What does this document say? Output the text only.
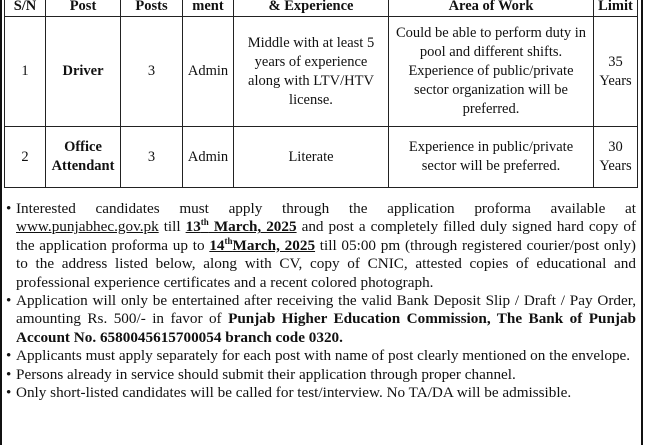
S/N	Post	Posts	ment	& Experience	Area of Work	Limit
1	Driver	3	Admin	Middle with at least 5 years of experience along with LTV/HTV license.	Could be able to perform duty in pool and different shifts. Experience of public/private sector organization will be preferred.	35 Years
2	Office Attendant	3	Admin	Literate	Experience in public/private sector will be preferred.	30 Years

• Interested candidates must apply through the application proforma available at www.punjabhec.gov.pk till 13th March, 2025 and post a completely filled duly signed hard copy of the application proforma up to 14thMarch, 2025 till 05:00 pm (through registered courier/post only) to the address listed below, along with CV, copy of CNIC, attested copies of educational and professional experience certificates and a recent colored photograph.

• Application will only be entertained after receiving the valid Bank Deposit Slip / Draft / Pay Order, amounting Rs. 500/- in favor of Punjab Higher Education Commission, The Bank of Punjab Account No. 6580045615700054 branch code 0320.

• Applicants must apply separately for each post with name of post clearly mentioned on the envelope.

• Persons already in service should submit their application through proper channel.

• Only short-listed candidates will be called for test/interview. No TA/DA will be admissible.
